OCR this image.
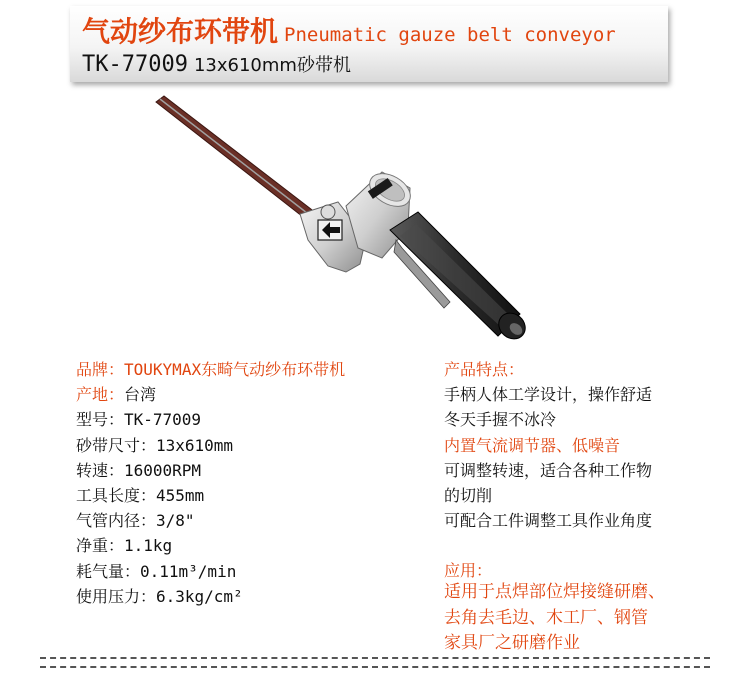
气动纱布环带机 Pneumatic gauze belt conveyor
TK-77009 13x610mm砂带机
品牌：TOUKYMAX东畸气动纱布环带机
产地：台湾
型号：TK-77009
砂带尺寸：13x610mm
转速：16000RPM
工具长度：455mm
气管内径：3/8"
净重：1.1kg
耗气量：0.11m³/min
使用压力：6.3kg/cm²
产品特点：
手柄人体工学设计，操作舒适
冬天手握不冰冷
内置气流调节器、低噪音
可调整转速，适合各种工作物
的切削
可配合工件调整工具作业角度
应用：
适用于点焊部位焊接缝研磨、
去角去毛边、木工厂、钢管
家具厂之研磨作业
